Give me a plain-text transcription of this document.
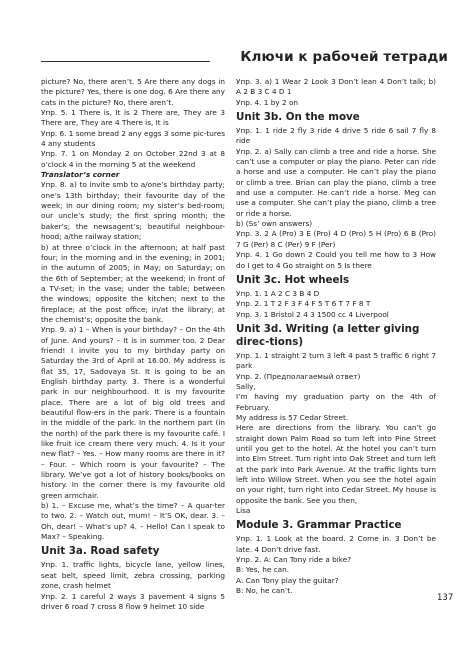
Ключи к рабочей тетради

picture? No, there aren’t. 5 Are there any dogs in the picture? Yes, there is one dog. 6 Are there any cats in the picture? No, there aren’t.

Упр. 5. 1 There is, It is 2 There are, They are 3 There are, They are 4 There is, It is

Упр. 6. 1 some bread 2 any eggs 3 some pic-tures 4 any students

Упр. 7. 1 on Monday 2 on October 22nd 3 at 8 o’clock 4 in the morning 5 at the weekend

Translator’s corner

Упр. 8. a) to invite smb to a/one’s birthday party; one’s 13th birthday; their favourite day of the week; in our dining room; my sister’s bed-room; our uncle’s study; the first spring month; the baker’s; the newsagent’s; beautiful neighbour-hood; a/the railway station;

b) at three o’clock in the afternoon; at half past four; in the morning and in the evening; in 2001; in the autumn of 2005; in May; on Saturday; on the 6th of September; at the weekend; in front of a TV-set; in the vase; under the table; between the windows; opposite the kitchen; next to the fireplace; at the post office; in/at the library; at the chemist’s; opposite the bank.

Упр. 9. a) 1 – When is your birthday? – On the 4th of June. And yours? – It is in summer too. 2 Dear friend! I invite you to my birthday party on Saturday the 3rd of April at 16.00. My address is flat 35, 17, Sadovaya St. It is going to be an English birthday party. 3. There is a wonderful park in our neighbourhood. It is my favourite place. There are a lot of big old trees and beautiful flow-ers in the park. There is a fountain in the middle of the park. In the northern part (in the north) of the park there is my favourite café. I like fruit ice cream there very much. 4. Is it your new flat? – Yes. – How many rooms are there in it? – Four. – Which room is your favourite? – The library. We’ve got a lot of history books/books on history. In the corner there is my favourite old green armchair.

b) 1. – Excuse me, what’s the time? – A quar-ter to two. 2. – Watch out, mum! – It’S OK, dear. 3. – Oh, dear! – What’s up? 4. – Hello! Can I speak to Max? – Speaking.

Unit 3a. Road safety

Упр. 1. traffic lights, bicycle lane, yellow lines, seat belt, speed limit, zebra crossing, parking zone, crash helmet

Упр. 2. 1 careful 2 ways 3 pavement 4 signs 5 driver 6 road 7 cross 8 flow 9 helmet 10 side

Упр. 3. a) 1 Wear 2 Look 3 Don’t lean 4 Don’t talk; b) A 2 B 3 C 4 D 1

Упр. 4. 1 by 2 on

Unit 3b. On the move

Упр. 1. 1 ride 2 fly 3 ride 4 drive 5 ride 6 sail 7 fly 8 ride

Упр. 2. a) Sally can climb a tree and ride a horse. She can’t use a computer or play the piano. Peter can ride a horse and use a computer. He can’t play the piano or climb a tree. Brian can play the piano, climb a tree and use a computer. He can’t ride a horse. Meg can use a computer. She can’t play the piano, climb a tree or ride a horse.

b) (Ss’ own answers)

Упр. 3. 2 A (Pro) 3 E (Pro) 4 D (Pro) 5 H (Pro) 6 B (Pro) 7 G (Per) 8 C (Per) 9 F (Per)

Упр. 4. 1 Go down 2 Could you tell me how to 3 How do I get to 4 Go straight on 5 Is there

Unit 3c. Hot wheels

Упр. 1. 1 A 2 C 3 B 4 D

Упр. 2. 1 T 2 F 3 F 4 F 5 T 6 T 7 F 8 T

Упр. 3. 1 Bristol 2 4 3 1500 cc 4 Liverpool

Unit 3d. Writing (a letter giving direc-tions)

Упр. 1. 1 straight 2 turn 3 left 4 past 5 traffic 6 right 7 park

Упр. 2. (Предполагаемый ответ)

Sally,

I’m having my graduation party on the 4th of February.

My address is 57 Cedar Street.

Here are directions from the library. You can’t go straight down Palm Road so turn left into Pine Street until you get to the hotel. At the hotel you can’t turn into Elm Street. Turn right into Oak Street and turn left at the park into Park Avenue. At the traffic lights turn left into Willow Street. When you see the hotel again on your right, turn right into Cedar Street. My house is opposite the bank. See you then,

Lisa

Module 3. Grammar Practice

Упр. 1. 1 Look at the board. 2 Come in. 3 Don’t be late. 4 Don’t drive fast.

Упр. 2. A: Can Tony ride a bike?

B: Yes, he can.

A: Can Tony play the guitar?

B: No, he can’t.

137
